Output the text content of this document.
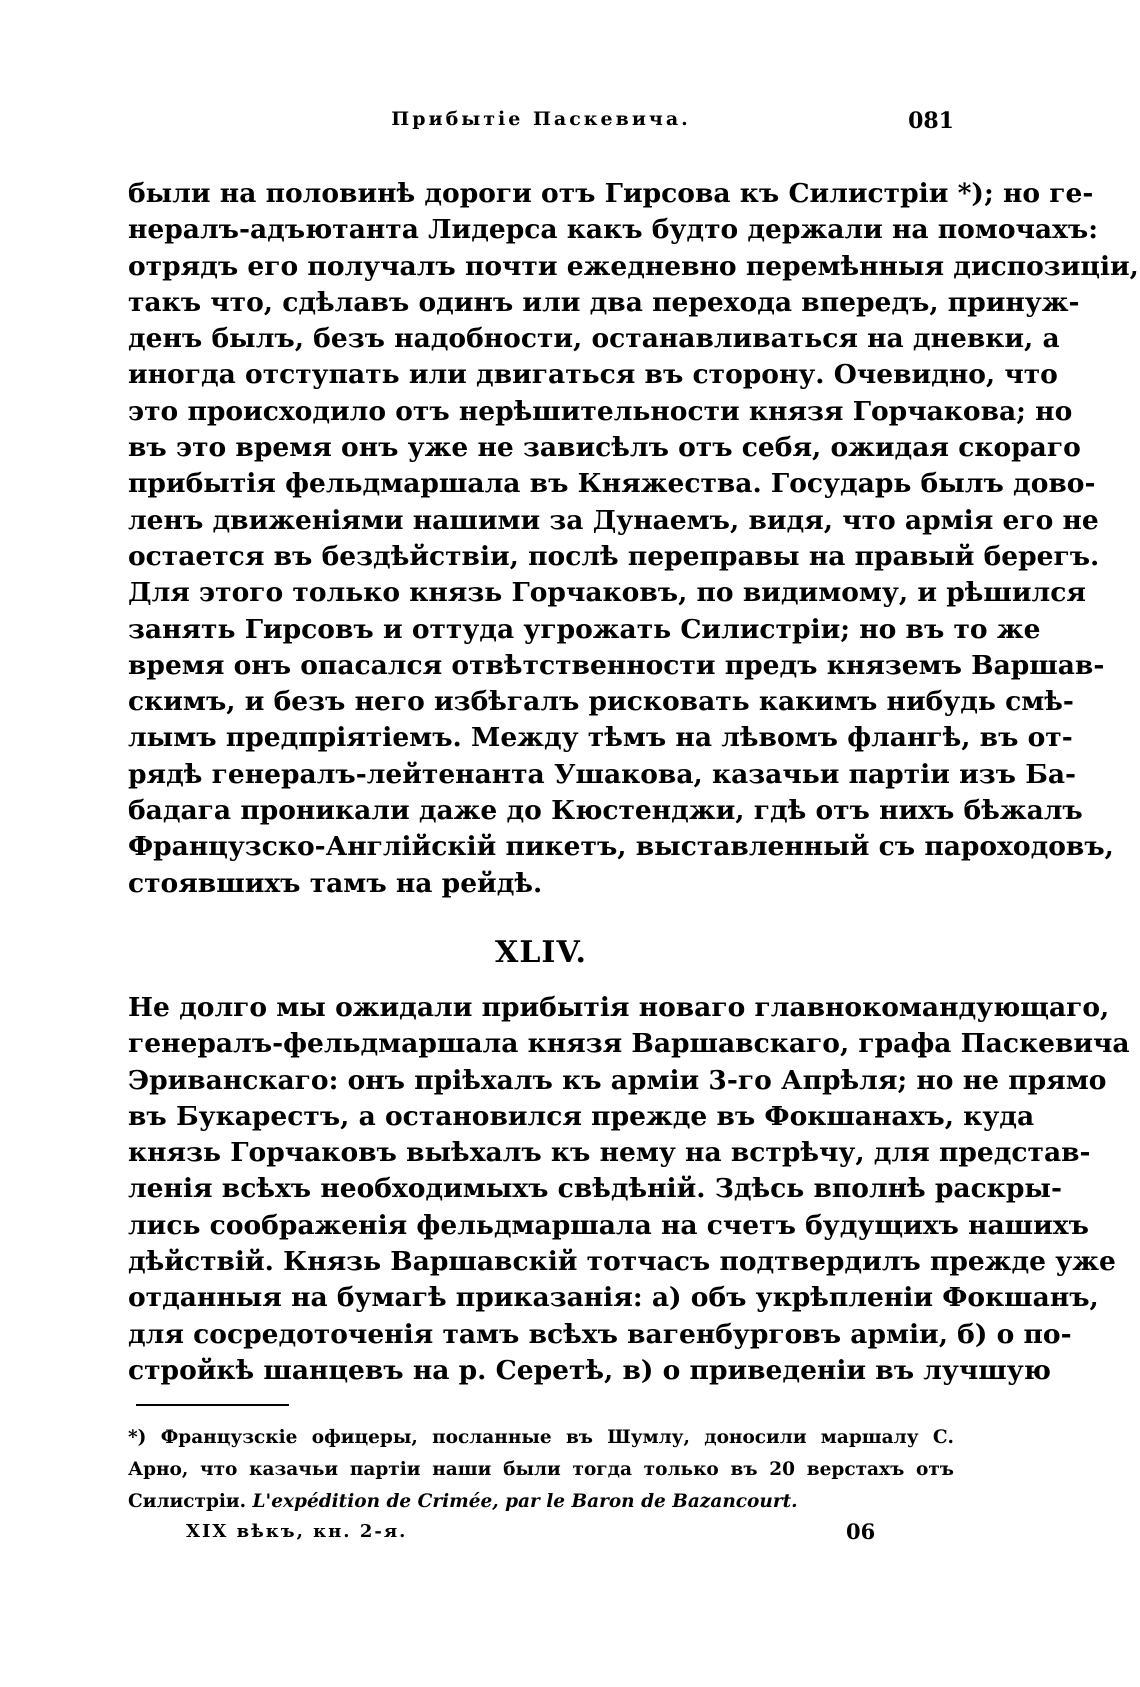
Прибытіе Паскевича.	081
были на половинѣ дороги отъ Гирсова къ Силистріи *); но ге-
нералъ-адъютанта Лидерса какъ будто держали на помочахъ:
отрядъ его получалъ почти ежедневно перемѣнныя диспозиціи,
такъ что, сдѣлавъ одинъ или два перехода впередъ, принуж-
денъ былъ, безъ надобности, останавливаться на дневки, а
иногда отступать или двигаться въ сторону. Очевидно, что
это происходило отъ нерѣшительности князя Горчакова; но
въ это время онъ уже не зависѣлъ отъ себя, ожидая скораго
прибытія фельдмаршала въ Княжества. Государь былъ дово-
ленъ движеніями нашими за Дунаемъ, видя, что армія его не
остается въ бездѣйствіи, послѣ переправы на правый берегъ.
Для этого только князь Горчаковъ, по видимому, и рѣшился
занять Гирсовъ и оттуда угрожать Силистріи; но въ то же
время онъ опасался отвѣтственности предъ княземъ Варшав-
скимъ, и безъ него избѣгалъ рисковать какимъ нибудь смѣ-
лымъ предпріятіемъ. Между тѣмъ на лѣвомъ флангѣ, въ от-
рядѣ генералъ-лейтенанта Ушакова, казачьи партіи изъ Ба-
бадага проникали даже до Кюстенджи, гдѣ отъ нихъ бѣжалъ
Французско-Англійскій пикетъ, выставленный съ пароходовъ,
стоявшихъ тамъ на рейдѣ.
XLIV.
Не долго мы ожидали прибытія новаго главнокомандующаго,
генералъ-фельдмаршала князя Варшавскаго, графа Паскевича
Эриванскаго: онъ пріѣхалъ къ арміи 3-го Апрѣля; но не прямо
въ Букарестъ, а остановился прежде въ Фокшанахъ, куда
князь Горчаковъ выѣхалъ къ нему на встрѣчу, для представ-
ленія всѣхъ необходимыхъ свѣдѣній. Здѣсь вполнѣ раскры-
лись соображенія фельдмаршала на счетъ будущихъ нашихъ
дѣйствій. Князь Варшавскій тотчасъ подтвердилъ прежде уже
отданныя на бумагѣ приказанія: а) объ укрѣпленіи Фокшанъ,
для сосредоточенія тамъ всѣхъ вагенбурговъ арміи, б) о по-
стройкѣ шанцевъ на р. Серетѣ, в) о приведеніи въ лучшую
*) Французскіе офицеры, посланные въ Шумлу, доносили маршалу С.
Арно, что казачьи партіи наши были тогда только въ 20 верстахъ отъ
Силистріи. L'expédition de Crimée, par le Baron de Bazancourt.
XIX вѣкъ, кн. 2-я.	06
